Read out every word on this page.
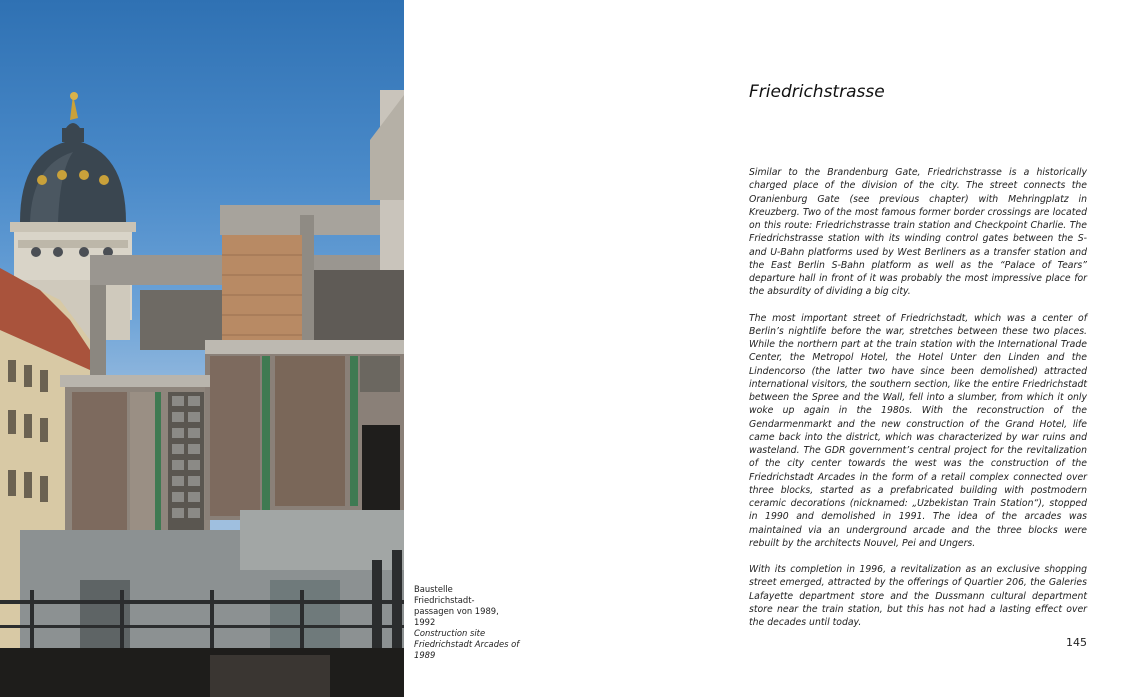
Baustelle Friedrichstadt-passagen von 1989, 1992
Construction site Friedrichstadt Arcades of 1989
Friedrichstrasse

Similar to the Brandenburg Gate, Friedrichstrasse is a historically charged place of the division of the city. The street connects the Oranienburg Gate (see previous chapter) with Mehringplatz in Kreuzberg. Two of the most famous former border crossings are located on this route: Friedrichstrasse train station and Checkpoint Charlie. The Friedrichstrasse station with its winding control gates between the S- and U-Bahn platforms used by West Berliners as a transfer station and the East Berlin S-Bahn platform as well as the “Palace of Tears” departure hall in front of it was probably the most impressive place for the absurdity of dividing a big city.

The most important street of Friedrichstadt, which was a center of Berlin’s nightlife before the war, stretches between these two places. While the northern part at the train station with the International Trade Center, the Metropol Hotel, the Hotel Unter den Linden and the Lindencorso (the latter two have since been demolished) attracted international visitors, the southern section, like the entire Friedrichstadt between the Spree and the Wall, fell into a slumber, from which it only woke up again in the 1980s. With the reconstruction of the Gendarmenmarkt and the new construction of the Grand Hotel, life came back into the district, which was characterized by war ruins and wasteland. The GDR government’s central project for the revitalization of the city center towards the west was the construction of the Friedrichstadt Arcades in the form of a retail complex connected over three blocks, started as a prefabricated building with postmodern ceramic decorations (nicknamed: „Uzbekistan Train Station“), stopped in 1990 and demolished in 1991. The idea of the arcades was maintained via an underground arcade and the three blocks were rebuilt by the architects Nouvel, Pei and Ungers.

With its completion in 1996, a revitalization as an exclusive shopping street emerged, attracted by the offerings of Quartier 206, the Galeries Lafayette department store and the Dussmann cultural department store near the train station, but this has not had a lasting effect over the decades until today.

145
